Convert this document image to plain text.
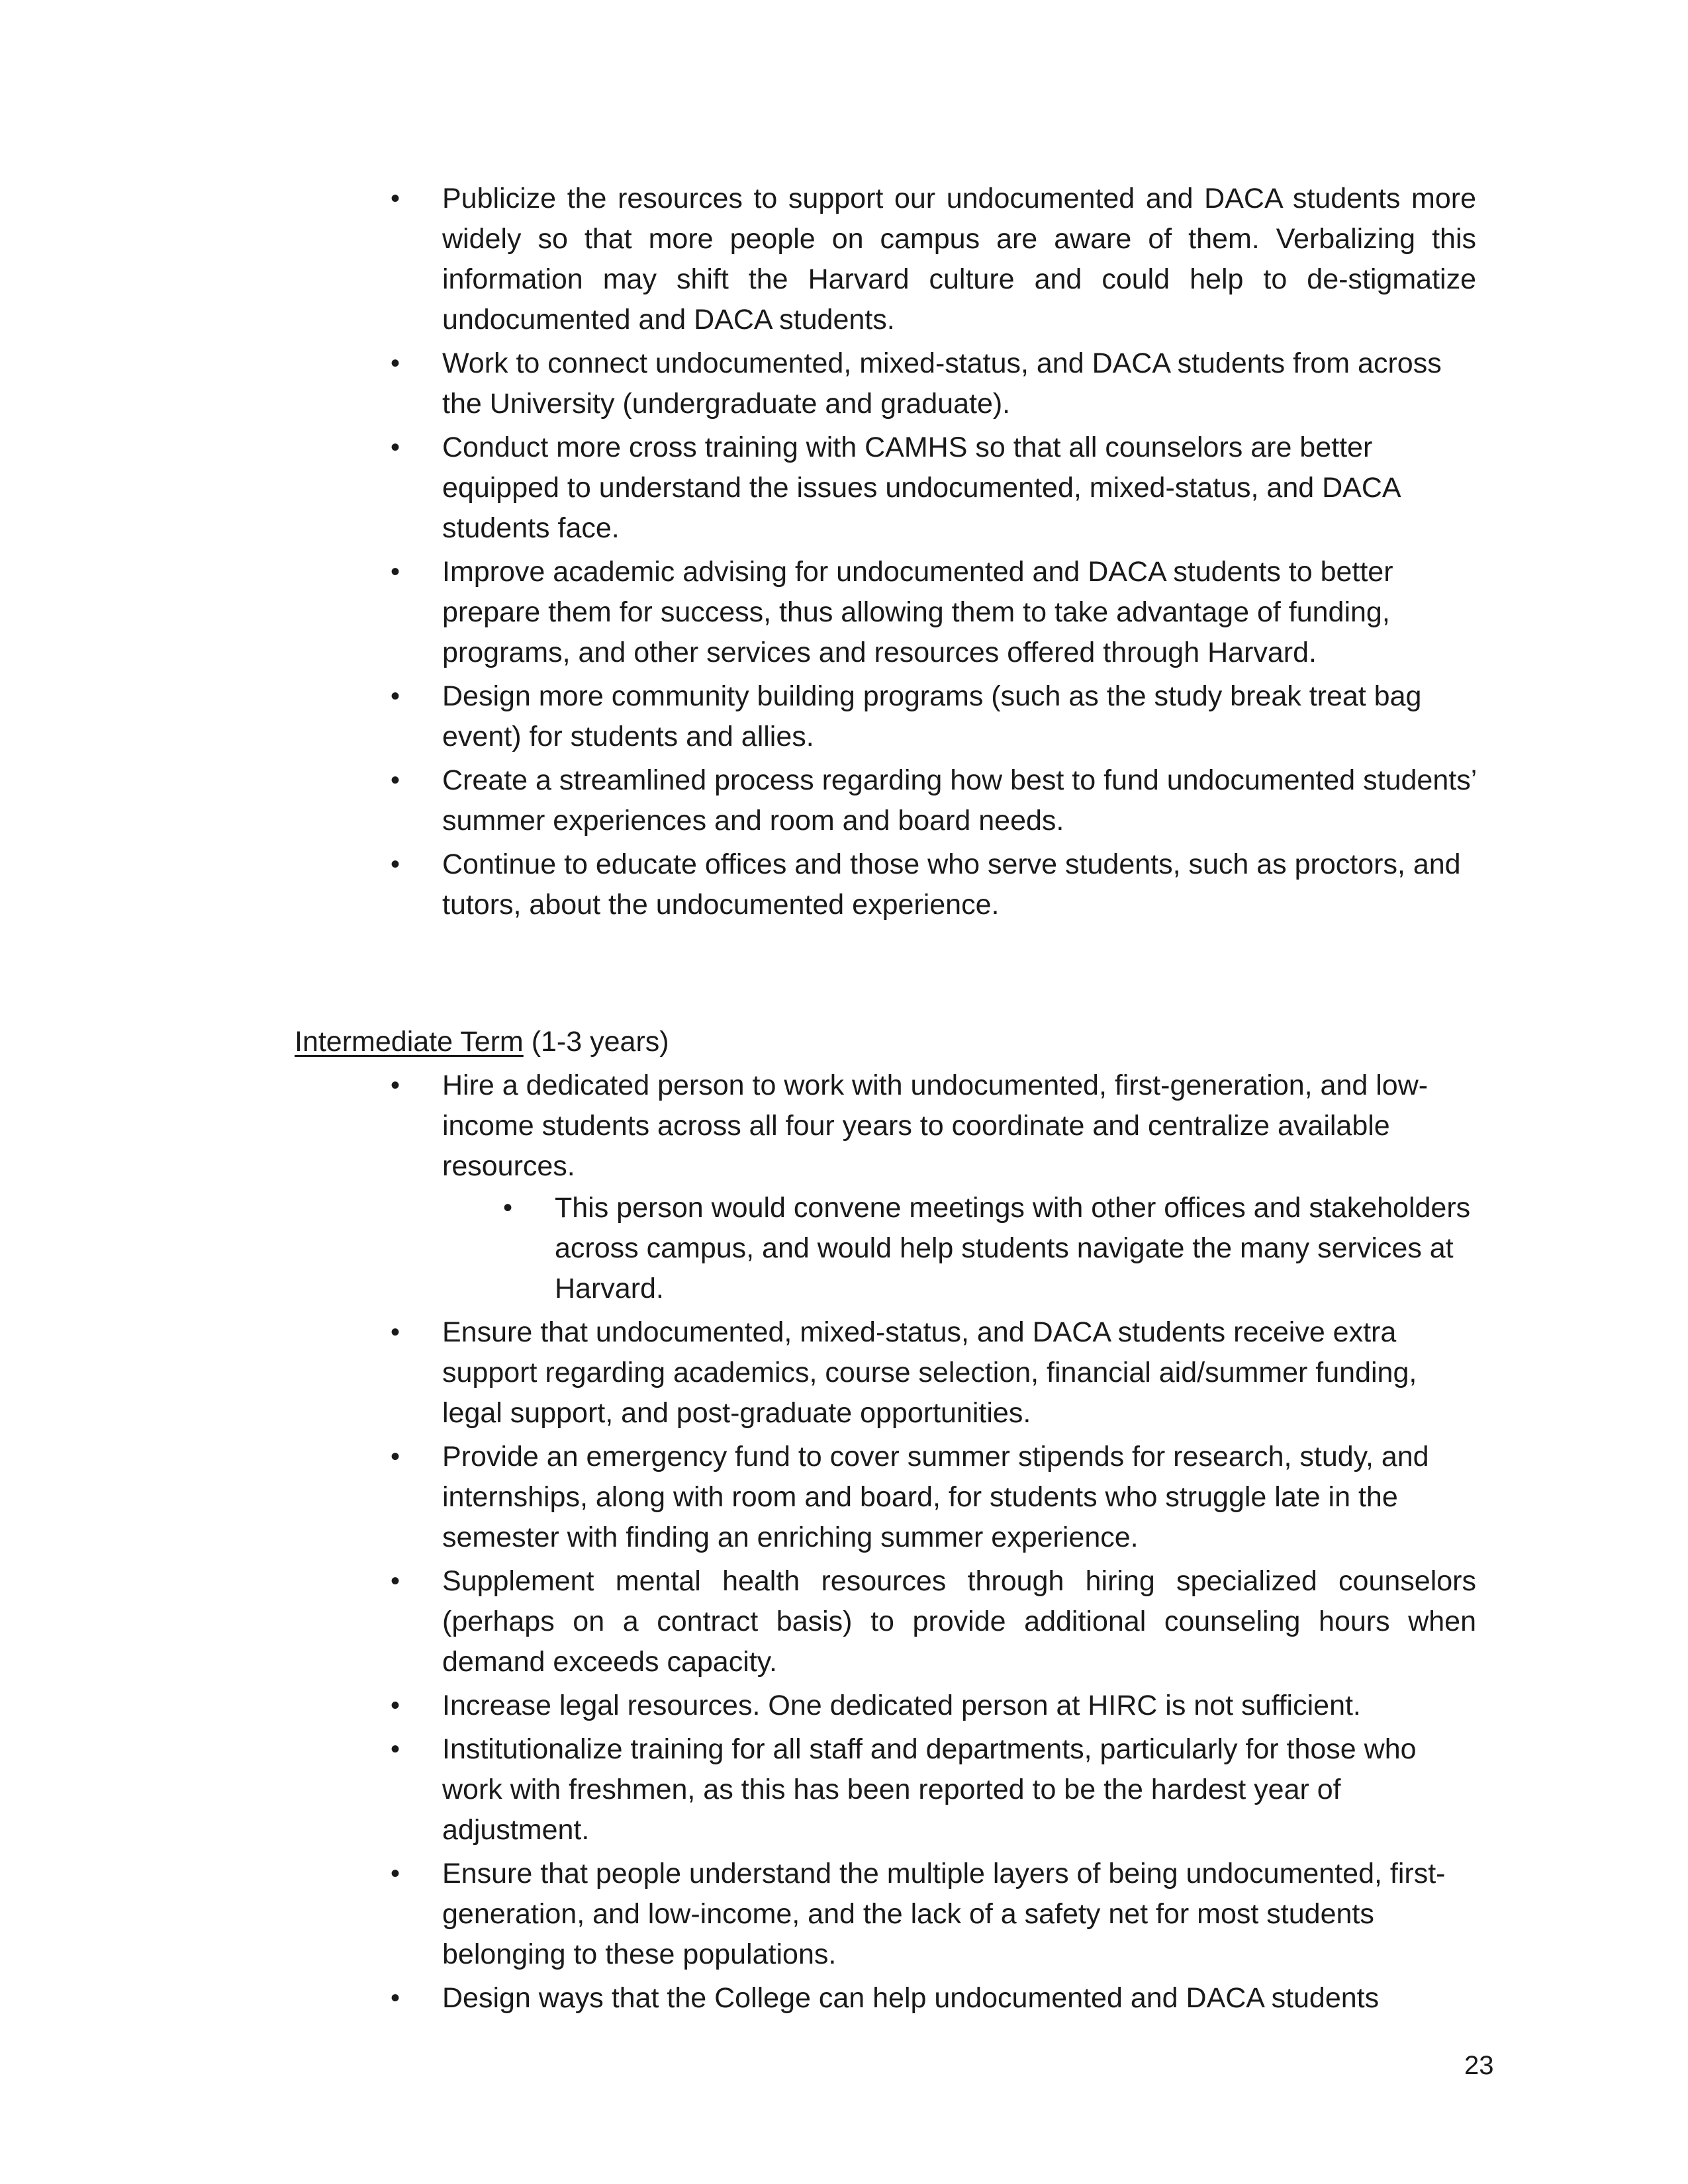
•	Publicize the resources to support our undocumented and DACA students more widely so that more people on campus are aware of them. Verbalizing this information may shift the Harvard culture and could help to de-stigmatize undocumented and DACA students.
•	Work to connect undocumented, mixed-status, and DACA students from across the University (undergraduate and graduate).
•	Conduct more cross training with CAMHS so that all counselors are better equipped to understand the issues undocumented, mixed-status, and DACA students face.
•	Improve academic advising for undocumented and DACA students to better prepare them for success, thus allowing them to take advantage of funding, programs, and other services and resources offered through Harvard.
•	Design more community building programs (such as the study break treat bag event) for students and allies.
•	Create a streamlined process regarding how best to fund undocumented students’ summer experiences and room and board needs.
•	Continue to educate offices and those who serve students, such as proctors, and tutors, about the undocumented experience.
Intermediate Term (1-3 years)
•	Hire a dedicated person to work with undocumented, first-generation, and low- income students across all four years to coordinate and centralize available resources.
•	This person would convene meetings with other offices and stakeholders across campus, and would help students navigate the many services at Harvard.
•	Ensure that undocumented, mixed-status, and DACA students receive extra support regarding academics, course selection, financial aid/summer funding, legal support, and post-graduate opportunities.
•	Provide an emergency fund to cover summer stipends for research, study, and internships, along with room and board, for students who struggle late in the semester with finding an enriching summer experience.
•	Supplement mental health resources through hiring specialized counselors (perhaps on a contract basis) to provide additional counseling hours when demand exceeds capacity.
•	Increase legal resources. One dedicated person at HIRC is not sufficient.
•	Institutionalize training for all staff and departments, particularly for those who work with freshmen, as this has been reported to be the hardest year of adjustment.
•	Ensure that people understand the multiple layers of being undocumented, first-generation, and low-income, and the lack of a safety net for most students belonging to these populations.
•	Design ways that the College can help undocumented and DACA students
23
